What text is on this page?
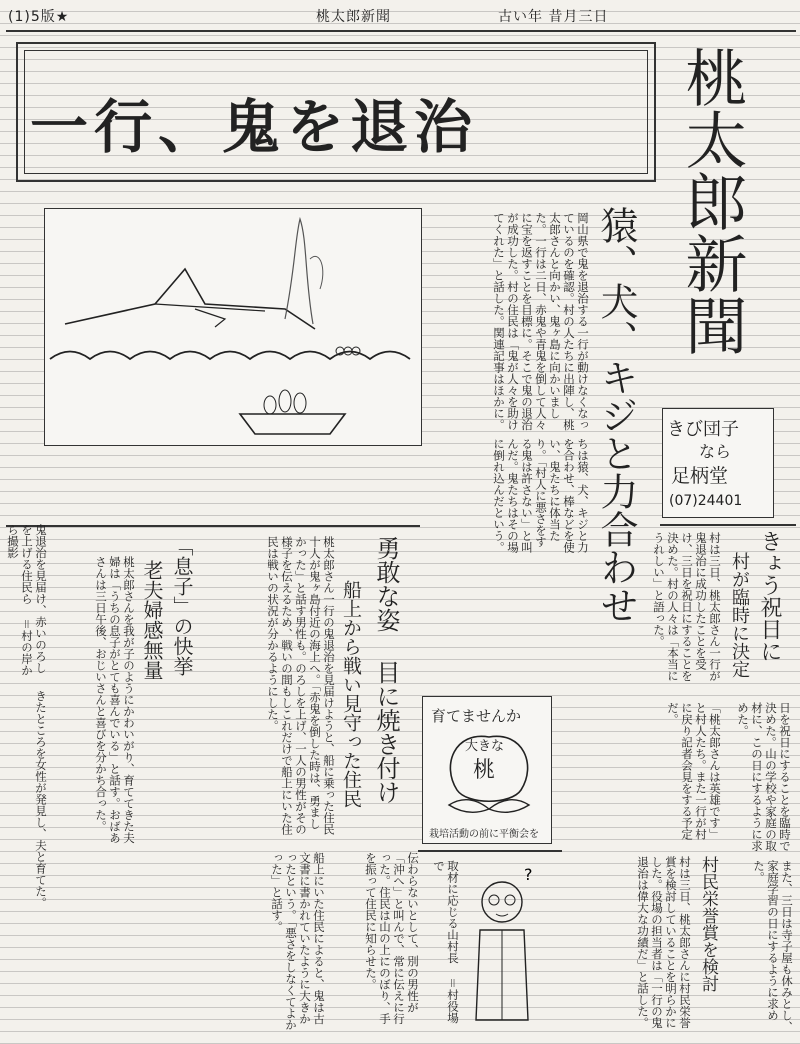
(1)5版★	桃太郎新聞	古い年 昔月三日
一行、鬼を退治	桃太郎新聞
猿、犬、キジと力合わせ
岡山県で鬼を退治する一行が動けなくなっているのを確認。村の人たちに出陣し、桃太郎さんと向かい、鬼ヶ島に向かいました。一行は二日、赤鬼や青鬼を倒して人々に宝を返すことを目標に。そこで鬼の退治が成功した。村の住民は「鬼が人々を助けてくれた」と話した。関連記事はほかに。
ちは猿、犬、キジと力を合わせ、棒などを使い、鬼たちに体当たり。「村人に悪さをする鬼は許さない」と叫んだ。鬼たちはその場に倒れ込んだという。
きび団子
なら
足柄堂
(07)24401
きょう祝日に
村が臨時に決定
村は三日、桃太郎さん一行が鬼退治に成功したことを受け、三日を祝日にすることを決めた。村の人々は「本当にうれしい」と語った。
日を祝日にすることを臨時で決めた。山の学校や家庭の取材に、この日にするように求めた。
また、三日は寺子屋も休みとし、家庭学習の日にするように求めた。
「桃太郎さんは英雄です」と村人たち。また一行が村に戻り記者会見をする予定だ。
村民栄誉賞を検討
村は三日、桃太郎さんに村民栄誉賞を検討していることを明らかにした。役場の担当者は「一行の鬼退治は偉大な功績だ」と話した。
勇敢な姿 目に焼き付け
船上から戦い見守った住民
桃太郎さん一行の鬼退治を見届けようと、船に乗った住民十人が鬼ヶ島付近の海上へ。「赤鬼を倒した時は、勇ましかった」と話す男性も。のろしを上げ、一人の男性がその様子を伝えるため、戦いの間もしこれだけで船上にいた住民は戦いの状況が分かるようにした。
「息子」の快挙
老夫婦感無量
桃太郎さんを我が子のようにかわいがり、育ててきた夫婦は「うちの息子がとても喜んでいる」と話す。おばあさんは三日午後、おじいさんと喜びを分かち合った。
鬼退治を見届け、赤いのろしを上げる住民ら ＝村の岸から撮影
育てませんか
大きな
桃
栽培活動の前に平衡会を
?
取材に応じる山村長 ＝村役場で
伝わらないとして、別の男性が「沖へ」と叫んで、常に伝えに行った。住民は山の上にのぼり、手を振って住民に知らせた。
船上にいた住民によると、鬼は古文書に書かれていたように大きかったという。「悪さをしなくてよかった」と話す。
きたところを女性が発見し、夫と育てた。
